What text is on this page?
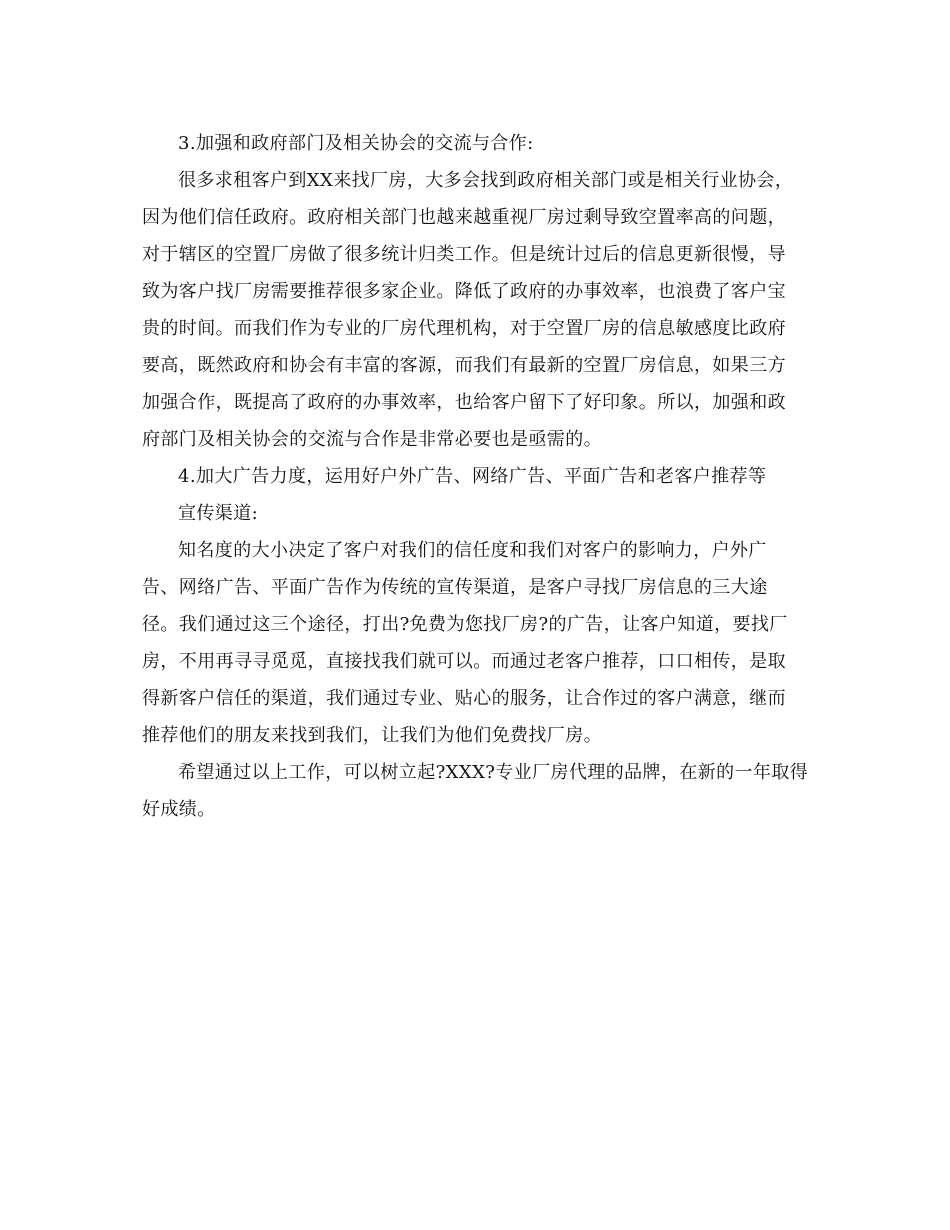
3.加强和政府部门及相关协会的交流与合作:
很多求租客户到XX来找厂房，大多会找到政府相关部门或是相关行业协会，
因为他们信任政府。政府相关部门也越来越重视厂房过剩导致空置率高的问题，
对于辖区的空置厂房做了很多统计归类工作。但是统计过后的信息更新很慢，导
致为客户找厂房需要推荐很多家企业。降低了政府的办事效率，也浪费了客户宝
贵的时间。而我们作为专业的厂房代理机构，对于空置厂房的信息敏感度比政府
要高，既然政府和协会有丰富的客源，而我们有最新的空置厂房信息，如果三方
加强合作，既提高了政府的办事效率，也给客户留下了好印象。所以，加强和政
府部门及相关协会的交流与合作是非常必要也是亟需的。
4.加大广告力度，运用好户外广告、网络广告、平面广告和老客户推荐等
宣传渠道:
知名度的大小决定了客户对我们的信任度和我们对客户的影响力，户外广
告、网络广告、平面广告作为传统的宣传渠道，是客户寻找厂房信息的三大途
径。我们通过这三个途径，打出?免费为您找厂房?的广告，让客户知道，要找厂
房，不用再寻寻觅觅，直接找我们就可以。而通过老客户推荐，口口相传，是取
得新客户信任的渠道，我们通过专业、贴心的服务，让合作过的客户满意，继而
推荐他们的朋友来找到我们，让我们为他们免费找厂房。
希望通过以上工作，可以树立起?XXX?专业厂房代理的品牌，在新的一年取得
好成绩。
